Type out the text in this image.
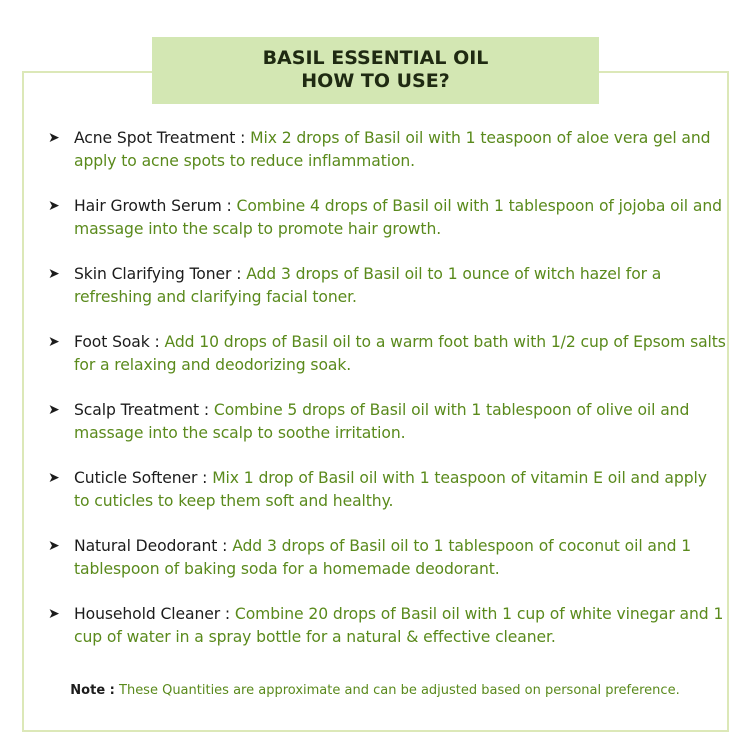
BASIL ESSENTIAL OIL
HOW TO USE?
➤ Acne Spot Treatment : Mix 2 drops of Basil oil with 1 teaspoon of aloe vera gel and apply to acne spots to reduce inflammation.
➤ Hair Growth Serum : Combine 4 drops of Basil oil with 1 tablespoon of jojoba oil and massage into the scalp to promote hair growth.
➤ Skin Clarifying Toner : Add 3 drops of Basil oil to 1 ounce of witch hazel for a refreshing and clarifying facial toner.
➤ Foot Soak : Add 10 drops of Basil oil to a warm foot bath with 1/2 cup of Epsom salts for a relaxing and deodorizing soak.
➤ Scalp Treatment : Combine 5 drops of Basil oil with 1 tablespoon of olive oil and massage into the scalp to soothe irritation.
➤ Cuticle Softener : Mix 1 drop of Basil oil with 1 teaspoon of vitamin E oil and apply to cuticles to keep them soft and healthy.
➤ Natural Deodorant : Add 3 drops of Basil oil to 1 tablespoon of coconut oil and 1 tablespoon of baking soda for a homemade deodorant.
➤ Household Cleaner : Combine 20 drops of Basil oil with 1 cup of white vinegar and 1 cup of water in a spray bottle for a natural & effective cleaner.
Note : These Quantities are approximate and can be adjusted based on personal preference.
